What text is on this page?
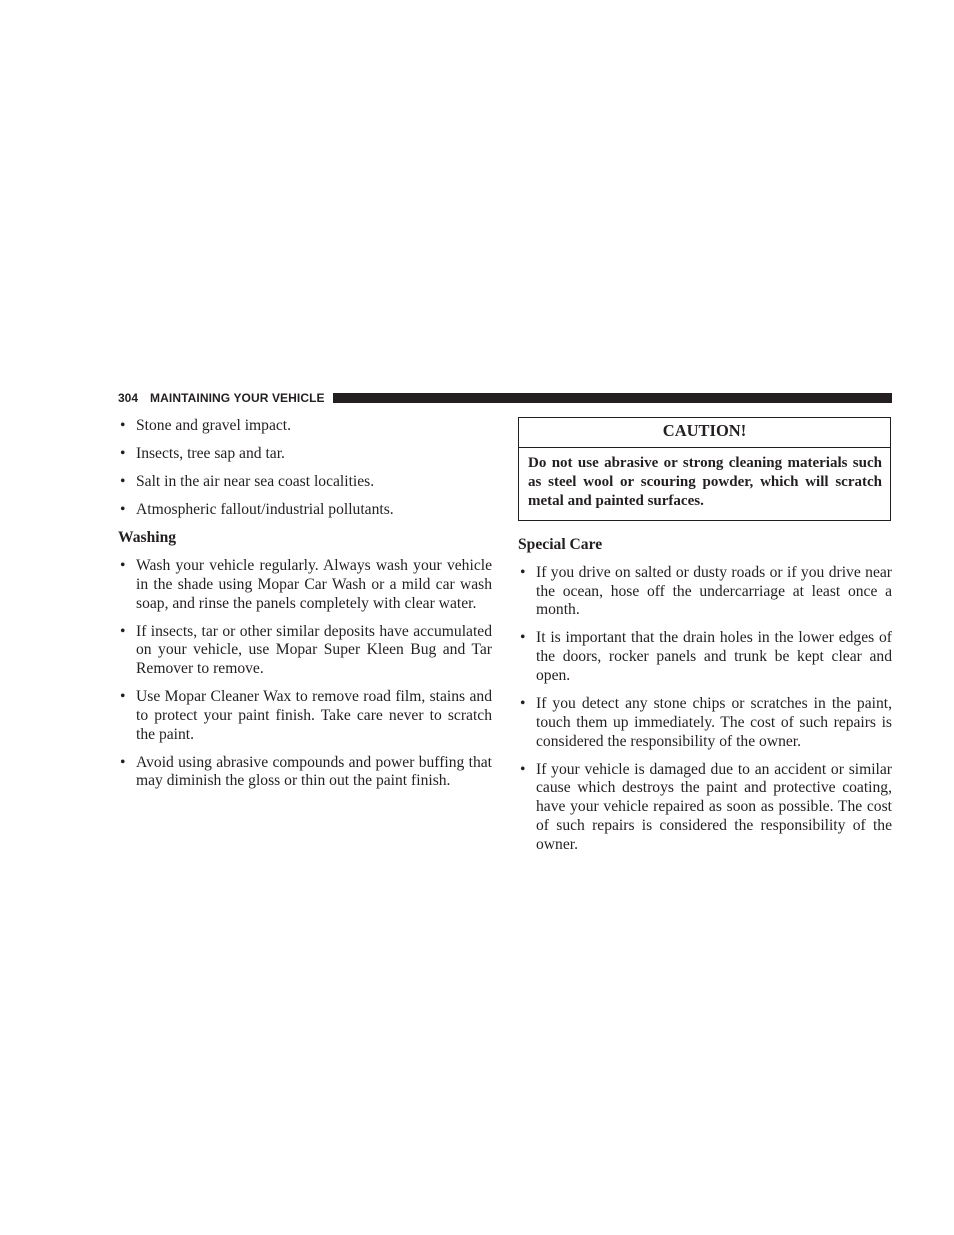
304 MAINTAINING YOUR VEHICLE
• Stone and gravel impact.
• Insects, tree sap and tar.
• Salt in the air near sea coast localities.
• Atmospheric fallout/industrial pollutants.
Washing
• Wash your vehicle regularly. Always wash your vehicle in the shade using Mopar Car Wash or a mild car wash soap, and rinse the panels completely with clear water.
• If insects, tar or other similar deposits have accumulated on your vehicle, use Mopar Super Kleen Bug and Tar Remover to remove.
• Use Mopar Cleaner Wax to remove road film, stains and to protect your paint finish. Take care never to scratch the paint.
• Avoid using abrasive compounds and power buffing that may diminish the gloss or thin out the paint finish.
CAUTION!
Do not use abrasive or strong cleaning materials such as steel wool or scouring powder, which will scratch metal and painted surfaces.
Special Care
• If you drive on salted or dusty roads or if you drive near the ocean, hose off the undercarriage at least once a month.
• It is important that the drain holes in the lower edges of the doors, rocker panels and trunk be kept clear and open.
• If you detect any stone chips or scratches in the paint, touch them up immediately. The cost of such repairs is considered the responsibility of the owner.
• If your vehicle is damaged due to an accident or similar cause which destroys the paint and protective coating, have your vehicle repaired as soon as possible. The cost of such repairs is considered the responsibility of the owner.
